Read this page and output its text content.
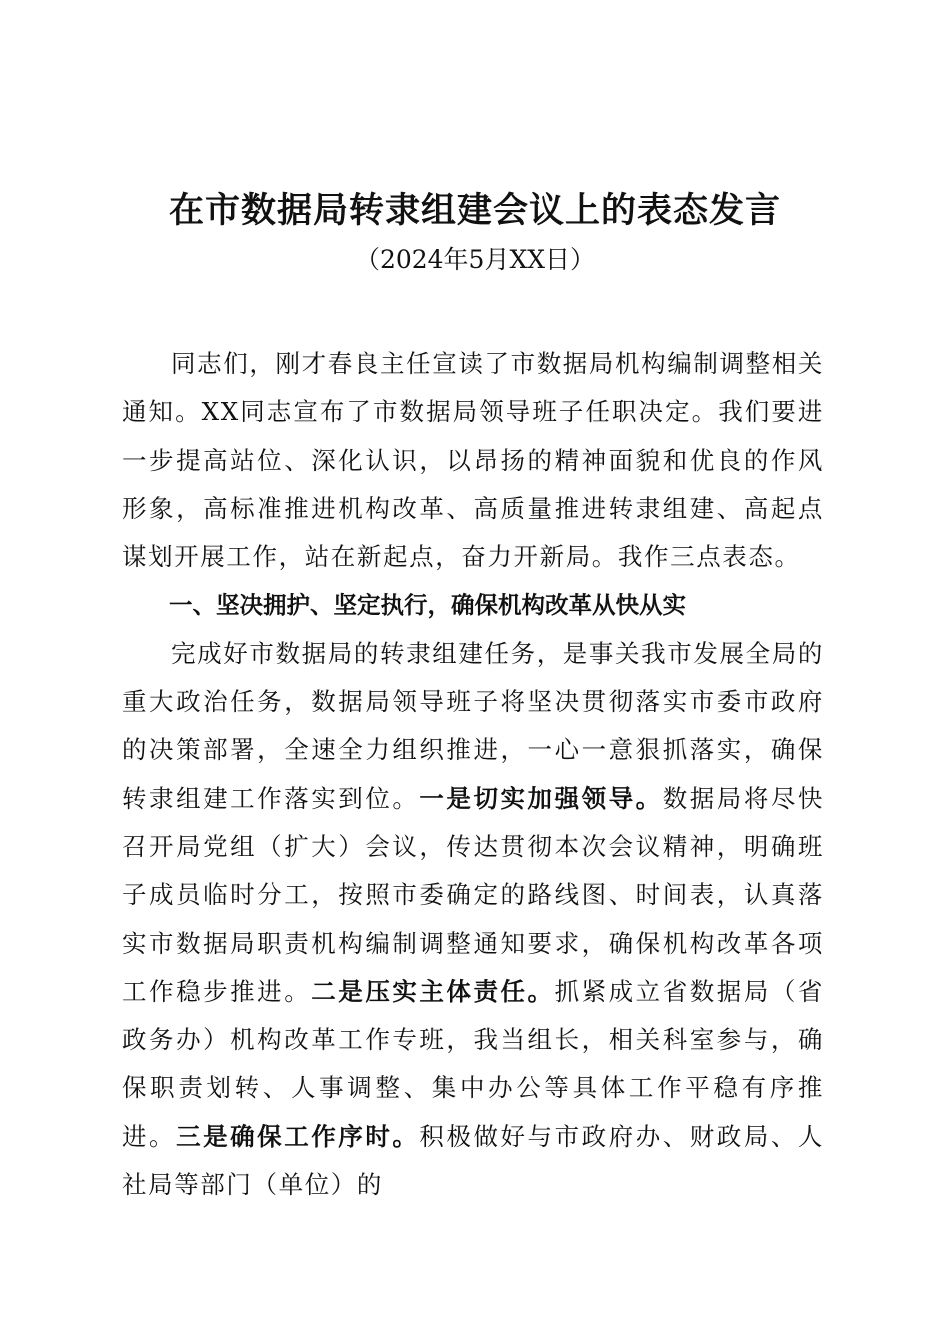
在市数据局转隶组建会议上的表态发言
（2024年5月XX日）

同志们，刚才春良主任宣读了市数据局机构编制调整相关通知。XX同志宣布了市数据局领导班子任职决定。我们要进一步提高站位、深化认识，以昂扬的精神面貌和优良的作风形象，高标准推进机构改革、高质量推进转隶组建、高起点谋划开展工作，站在新起点，奋力开新局。我作三点表态。

一、坚决拥护、坚定执行，确保机构改革从快从实

完成好市数据局的转隶组建任务，是事关我市发展全局的重大政治任务，数据局领导班子将坚决贯彻落实市委市政府的决策部署，全速全力组织推进，一心一意狠抓落实，确保转隶组建工作落实到位。一是切实加强领导。数据局将尽快召开局党组（扩大）会议，传达贯彻本次会议精神，明确班子成员临时分工，按照市委确定的路线图、时间表，认真落实市数据局职责机构编制调整通知要求，确保机构改革各项工作稳步推进。二是压实主体责任。抓紧成立省数据局（省政务办）机构改革工作专班，我当组长，相关科室参与，确保职责划转、人事调整、集中办公等具体工作平稳有序推进。三是确保工作序时。积极做好与市政府办、财政局、人社局等部门（单位）的
